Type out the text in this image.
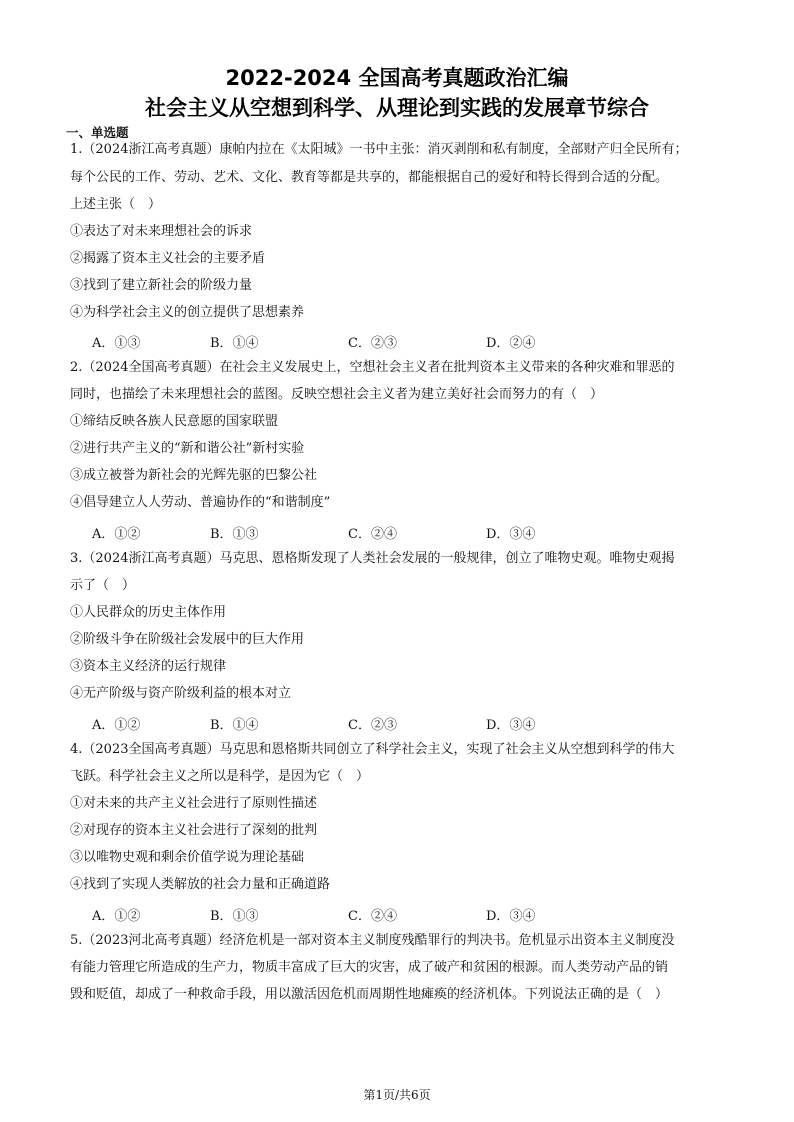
2022-2024 全国高考真题政治汇编
社会主义从空想到科学、从理论到实践的发展章节综合
一、单选题
1.（2024浙江高考真题）康帕内拉在《太阳城》一书中主张：消灭剥削和私有制度，全部财产归全民所有；
每个公民的工作、劳动、艺术、文化、教育等都是共享的，都能根据自己的爱好和特长得到合适的分配。
上述主张（　）
①表达了对未来理想社会的诉求
②揭露了资本主义社会的主要矛盾
③找到了建立新社会的阶级力量
④为科学社会主义的创立提供了思想素养
A．①③	B．①④	C．②③	D．②④
2.（2024全国高考真题）在社会主义发展史上，空想社会主义者在批判资本主义带来的各种灾难和罪恶的
同时，也描绘了未来理想社会的蓝图。反映空想社会主义者为建立美好社会而努力的有（　）
①缔结反映各族人民意愿的国家联盟
②进行共产主义的“新和谐公社”新村实验
③成立被誉为新社会的光辉先驱的巴黎公社
④倡导建立人人劳动、普遍协作的“和谐制度”
A．①②	B．①③	C．②④	D．③④
3.（2024浙江高考真题）马克思、恩格斯发现了人类社会发展的一般规律，创立了唯物史观。唯物史观揭
示了（　）
①人民群众的历史主体作用
②阶级斗争在阶级社会发展中的巨大作用
③资本主义经济的运行规律
④无产阶级与资产阶级利益的根本对立
A．①②	B．①④	C．②③	D．③④
4.（2023全国高考真题）马克思和恩格斯共同创立了科学社会主义，实现了社会主义从空想到科学的伟大
飞跃。科学社会主义之所以是科学，是因为它（　）
①对未来的共产主义社会进行了原则性描述
②对现存的资本主义社会进行了深刻的批判
③以唯物史观和剩余价值学说为理论基础
④找到了实现人类解放的社会力量和正确道路
A．①②	B．①③	C．②④	D．③④
5.（2023河北高考真题）经济危机是一部对资本主义制度残酷罪行的判决书。危机显示出资本主义制度没
有能力管理它所造成的生产力，物质丰富成了巨大的灾害，成了破产和贫困的根源。而人类劳动产品的销
毁和贬值，却成了一种救命手段，用以激活因危机而周期性地瘫痪的经济机体。下列说法正确的是（　）
第1页/共6页
